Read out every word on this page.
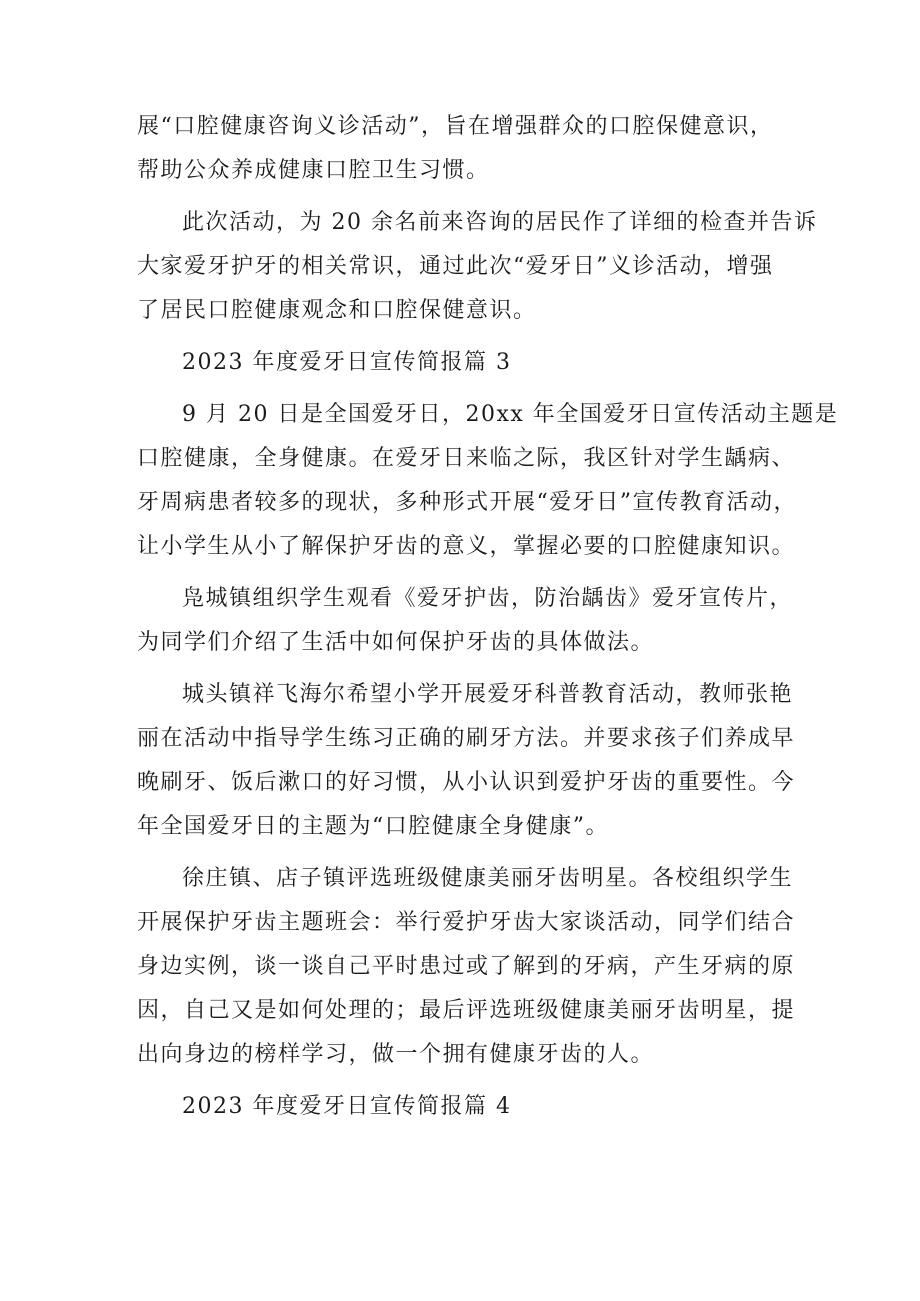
展“口腔健康咨询义诊活动”，旨在增强群众的口腔保健意识，
帮助公众养成健康口腔卫生习惯。
此次活动，为 20 余名前来咨询的居民作了详细的检查并告诉
大家爱牙护牙的相关常识，通过此次“爱牙日”义诊活动，增强
了居民口腔健康观念和口腔保健意识。
2023 年度爱牙日宣传简报篇 3
9 月 20 日是全国爱牙日，20xx 年全国爱牙日宣传活动主题是
口腔健康，全身健康。在爱牙日来临之际，我区针对学生龋病、
牙周病患者较多的现状，多种形式开展“爱牙日”宣传教育活动，
让小学生从小了解保护牙齿的意义，掌握必要的口腔健康知识。
凫城镇组织学生观看《爱牙护齿，防治龋齿》爱牙宣传片，
为同学们介绍了生活中如何保护牙齿的具体做法。
城头镇祥飞海尔希望小学开展爱牙科普教育活动，教师张艳
丽在活动中指导学生练习正确的刷牙方法。并要求孩子们养成早
晚刷牙、饭后漱口的好习惯，从小认识到爱护牙齿的重要性。今
年全国爱牙日的主题为“口腔健康全身健康”。
徐庄镇、店子镇评选班级健康美丽牙齿明星。各校组织学生
开展保护牙齿主题班会：举行爱护牙齿大家谈活动，同学们结合
身边实例，谈一谈自己平时患过或了解到的牙病，产生牙病的原
因，自己又是如何处理的；最后评选班级健康美丽牙齿明星，提
出向身边的榜样学习，做一个拥有健康牙齿的人。
2023 年度爱牙日宣传简报篇 4
